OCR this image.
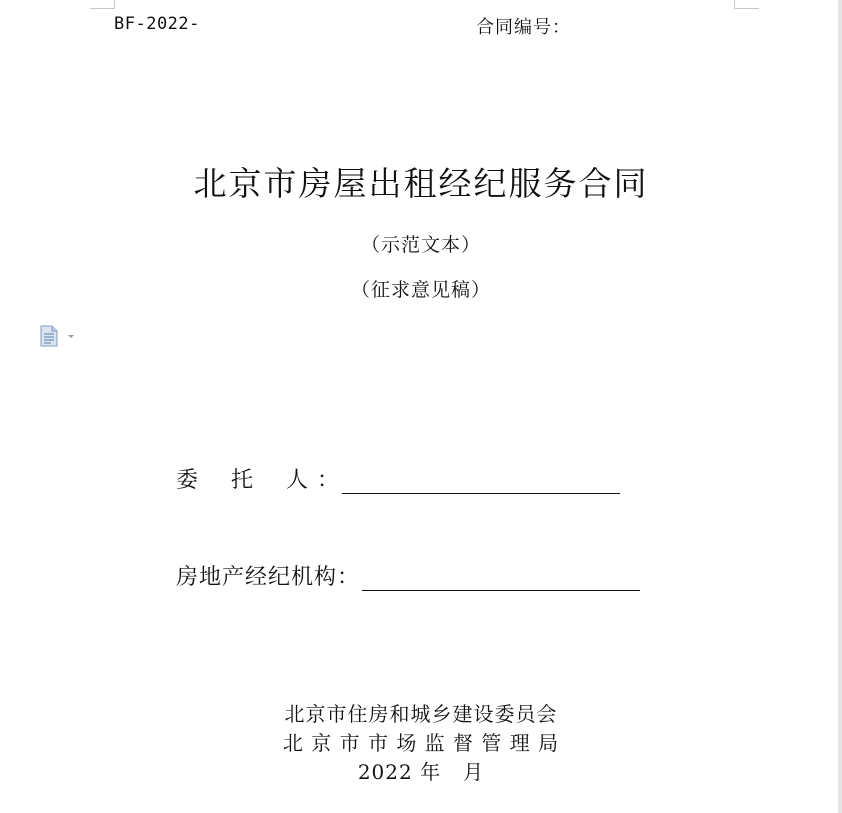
BF-2022-	合同编号：
北京市房屋出租经纪服务合同
（示范文本）
（征求意见稿）
委    托    人 ：
房地产经纪机构：
北京市住房和城乡建设委员会
北 京 市 市 场 监 督 管 理 局
2022 年   月
